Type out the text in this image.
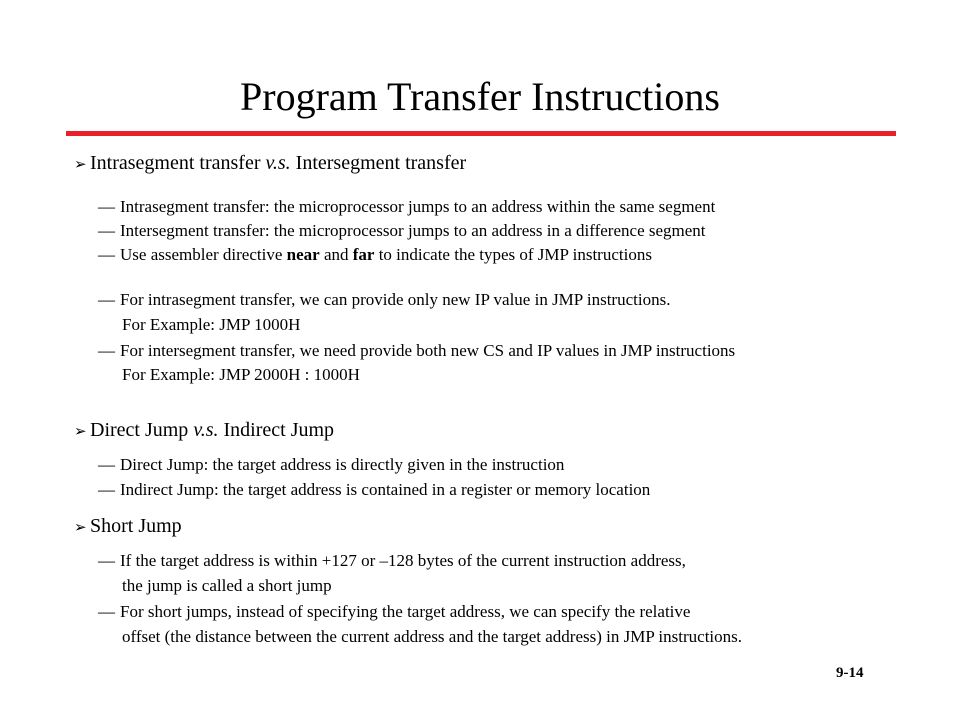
Program Transfer Instructions
➢ Intrasegment transfer v.s. Intersegment transfer
— Intrasegment transfer: the microprocessor jumps to an address within the same segment
— Intersegment transfer: the microprocessor jumps to an address in a difference segment
— Use assembler directive near and far to indicate the types of JMP instructions
— For intrasegment transfer, we can provide only new IP value in JMP instructions.
For Example: JMP 1000H
— For intersegment transfer, we need provide both new CS and IP values in JMP instructions
For Example: JMP 2000H : 1000H
➢ Direct Jump v.s. Indirect Jump
— Direct Jump: the target address is directly given in the instruction
— Indirect Jump: the target address is contained in a register or memory location
➢ Short Jump
— If the target address is within +127 or –128 bytes of the current instruction address,
the jump is called a short jump
— For short jumps, instead of specifying the target address, we can specify the relative
offset (the distance between the current address and the target address) in JMP instructions.
9-14
